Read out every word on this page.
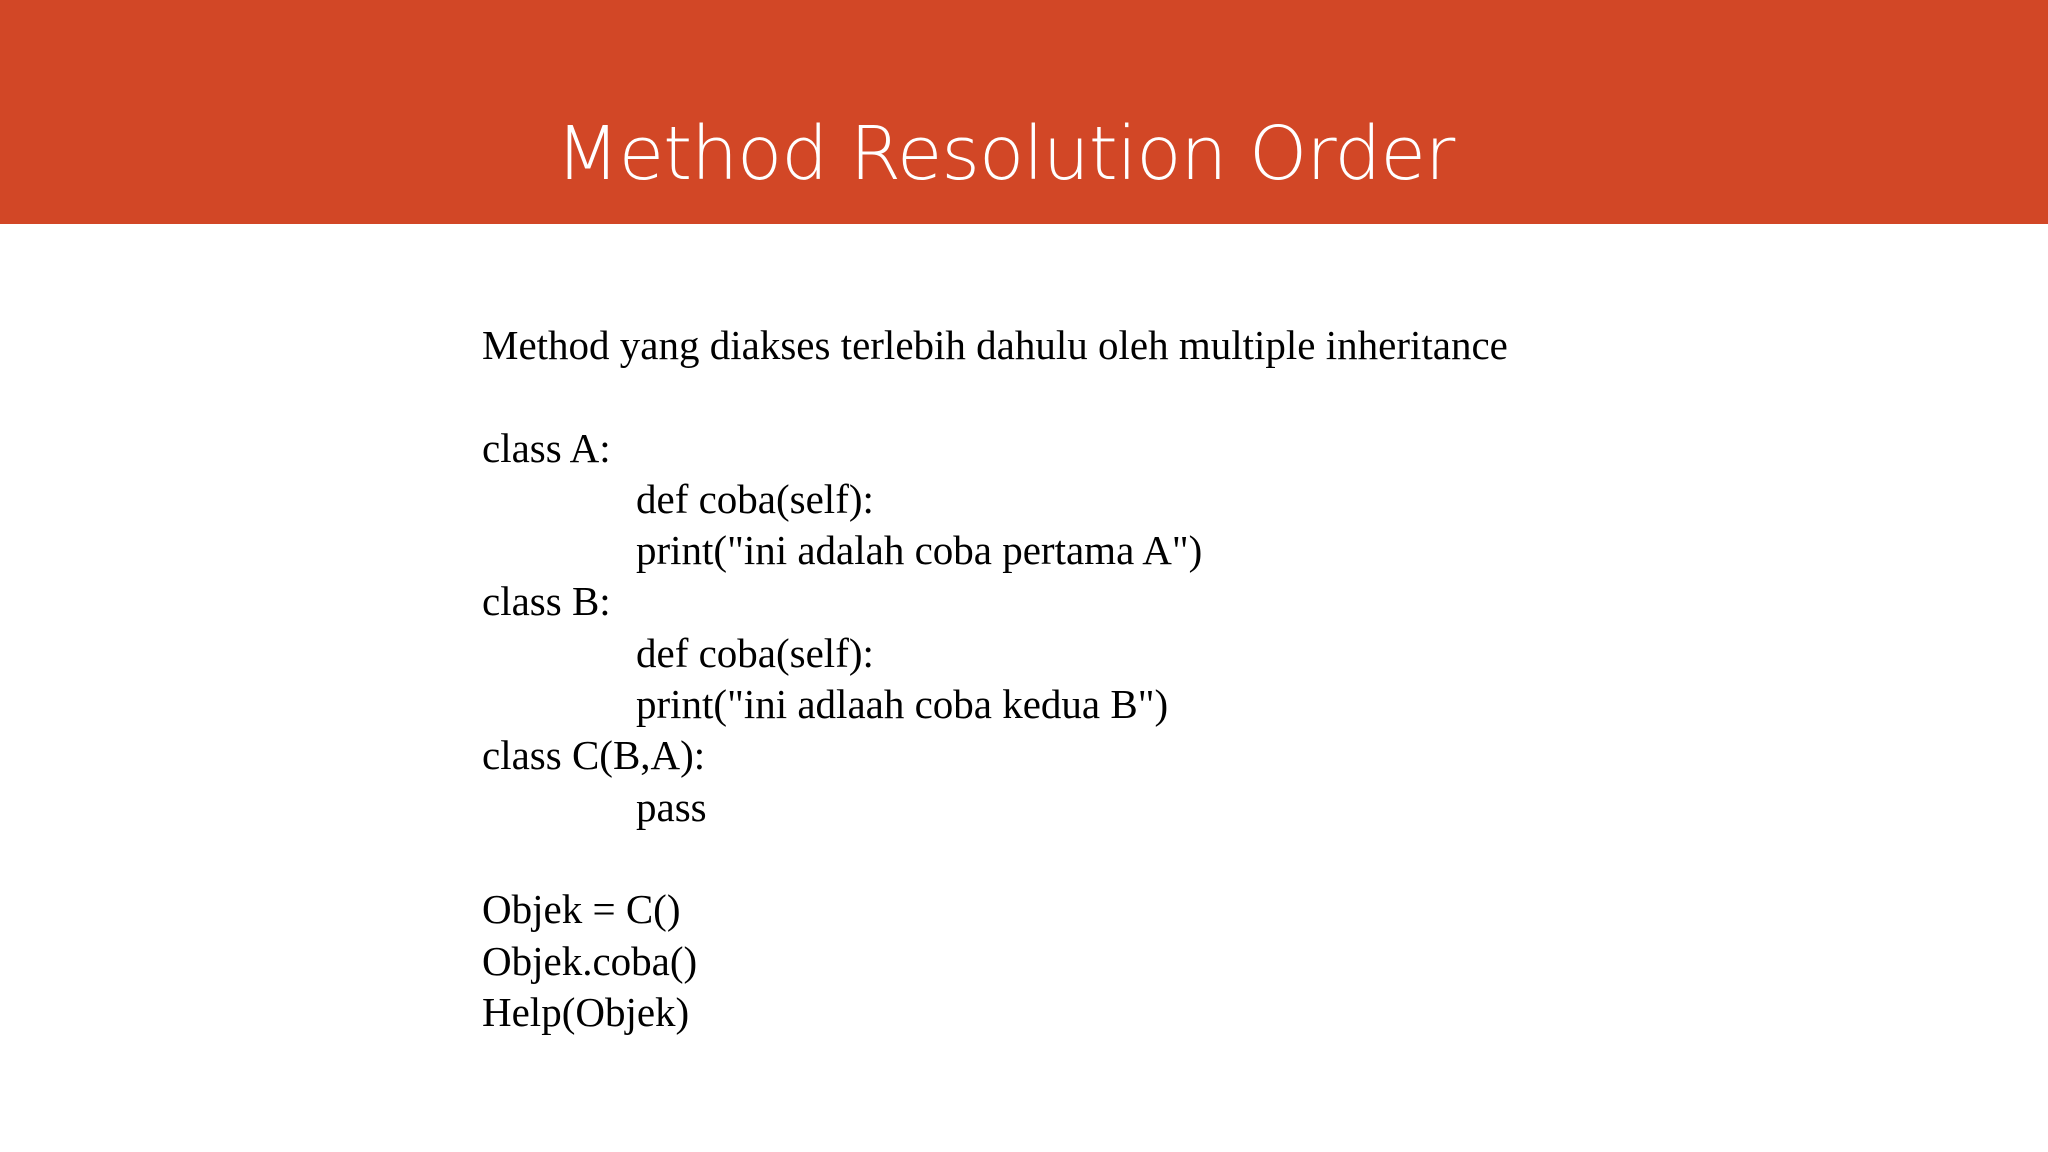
Method Resolution Order
Method yang diakses terlebih dahulu oleh multiple inheritance
class A:
def coba(self):
print("ini adalah coba pertama A")
class B:
def coba(self):
print("ini adlaah coba kedua B")
class C(B,A):
pass
Objek = C()
Objek.coba()
Help(Objek)
